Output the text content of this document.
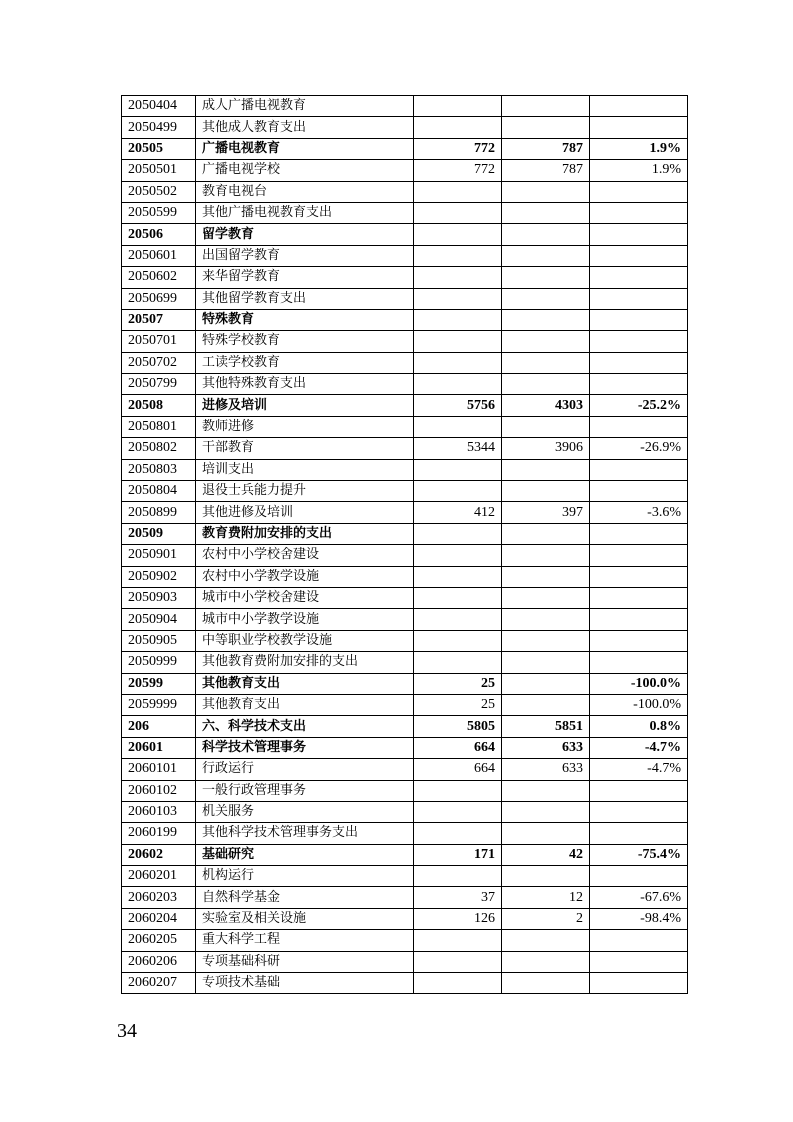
2050404	成人广播电视教育			
2050499	其他成人教育支出			
20505	广播电视教育	772	787	1.9%
2050501	广播电视学校	772	787	1.9%
2050502	教育电视台			
2050599	其他广播电视教育支出			
20506	留学教育			
2050601	出国留学教育			
2050602	来华留学教育			
2050699	其他留学教育支出			
20507	特殊教育			
2050701	特殊学校教育			
2050702	工读学校教育			
2050799	其他特殊教育支出			
20508	进修及培训	5756	4303	-25.2%
2050801	教师进修			
2050802	干部教育	5344	3906	-26.9%
2050803	培训支出			
2050804	退役士兵能力提升			
2050899	其他进修及培训	412	397	-3.6%
20509	教育费附加安排的支出			
2050901	农村中小学校舍建设			
2050902	农村中小学教学设施			
2050903	城市中小学校舍建设			
2050904	城市中小学教学设施			
2050905	中等职业学校教学设施			
2050999	其他教育费附加安排的支出			
20599	其他教育支出	25		-100.0%
2059999	其他教育支出	25		-100.0%
206	六、科学技术支出	5805	5851	0.8%
20601	科学技术管理事务	664	633	-4.7%
2060101	行政运行	664	633	-4.7%
2060102	一般行政管理事务			
2060103	机关服务			
2060199	其他科学技术管理事务支出			
20602	基础研究	171	42	-75.4%
2060201	机构运行			
2060203	自然科学基金	37	12	-67.6%
2060204	实验室及相关设施	126	2	-98.4%
2060205	重大科学工程			
2060206	专项基础科研			
2060207	专项技术基础			
34
